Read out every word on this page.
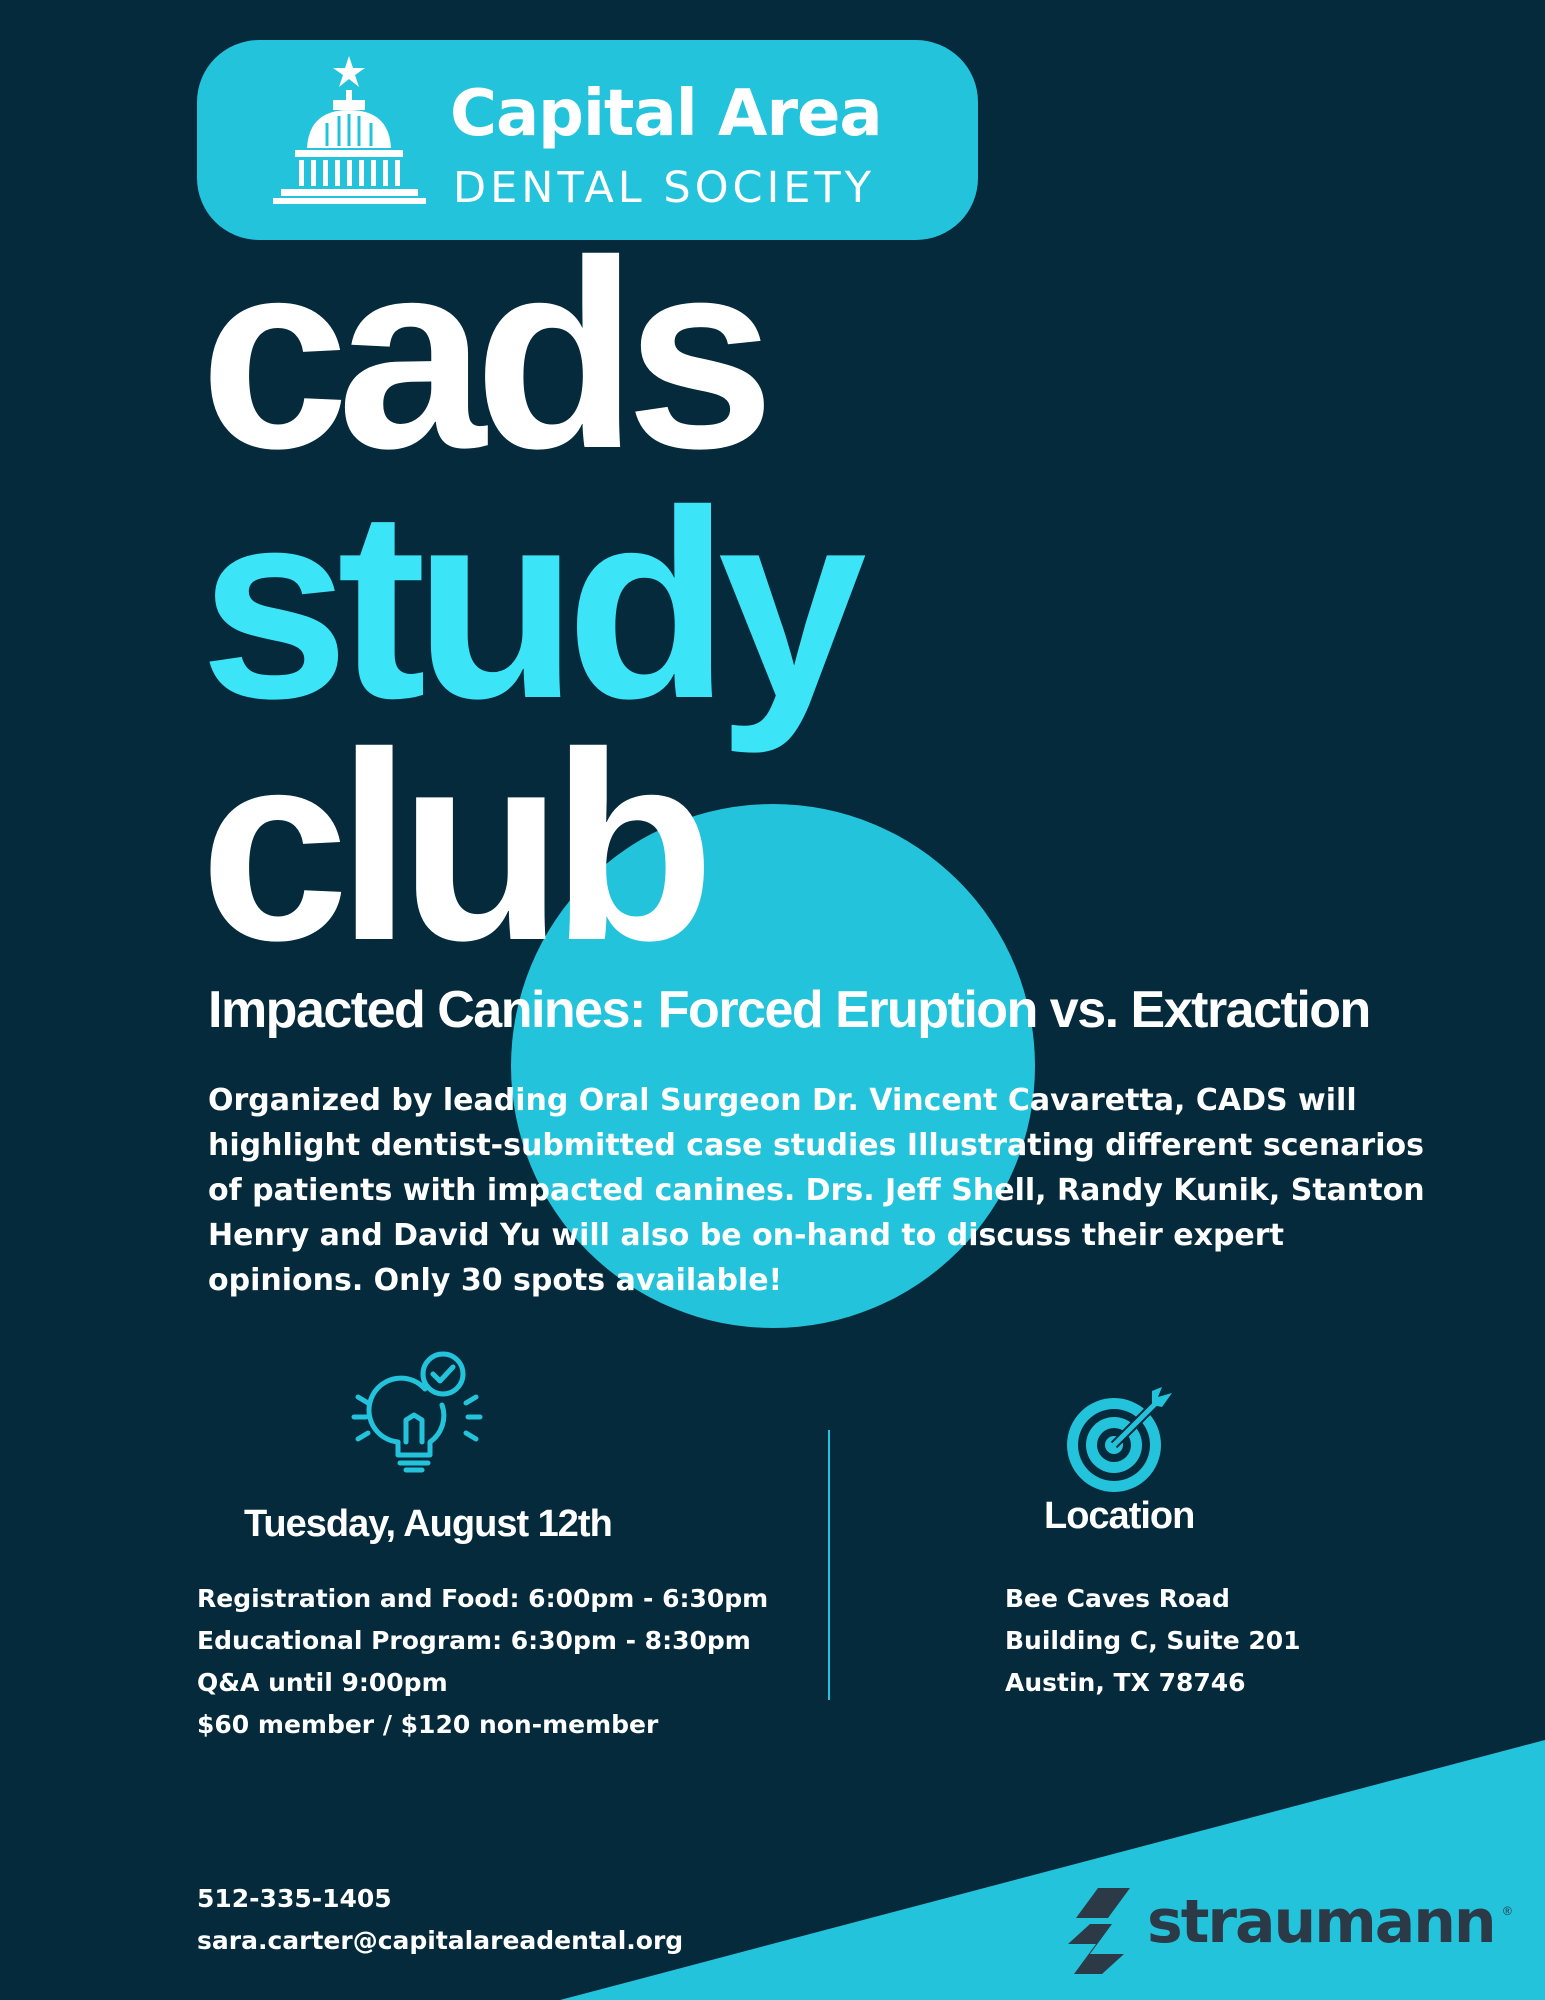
Capital Area
DENTAL SOCIETY
cads
study
club
Impacted Canines: Forced Eruption vs. Extraction
Organized by leading Oral Surgeon Dr. Vincent Cavaretta, CADS will
highlight dentist-submitted case studies Illustrating different scenarios
of patients with impacted canines. Drs. Jeff Shell, Randy Kunik, Stanton
Henry and David Yu will also be on-hand to discuss their expert
opinions. Only 30 spots available!
Tuesday, August 12th	Location
Registration and Food: 6:00pm - 6:30pm
Educational Program: 6:30pm - 8:30pm
Q&A until 9:00pm
$60 member / $120 non-member
Bee Caves Road
Building C, Suite 201
Austin, TX 78746
512-335-1405
sara.carter@capitalareadental.org	straumann ®
